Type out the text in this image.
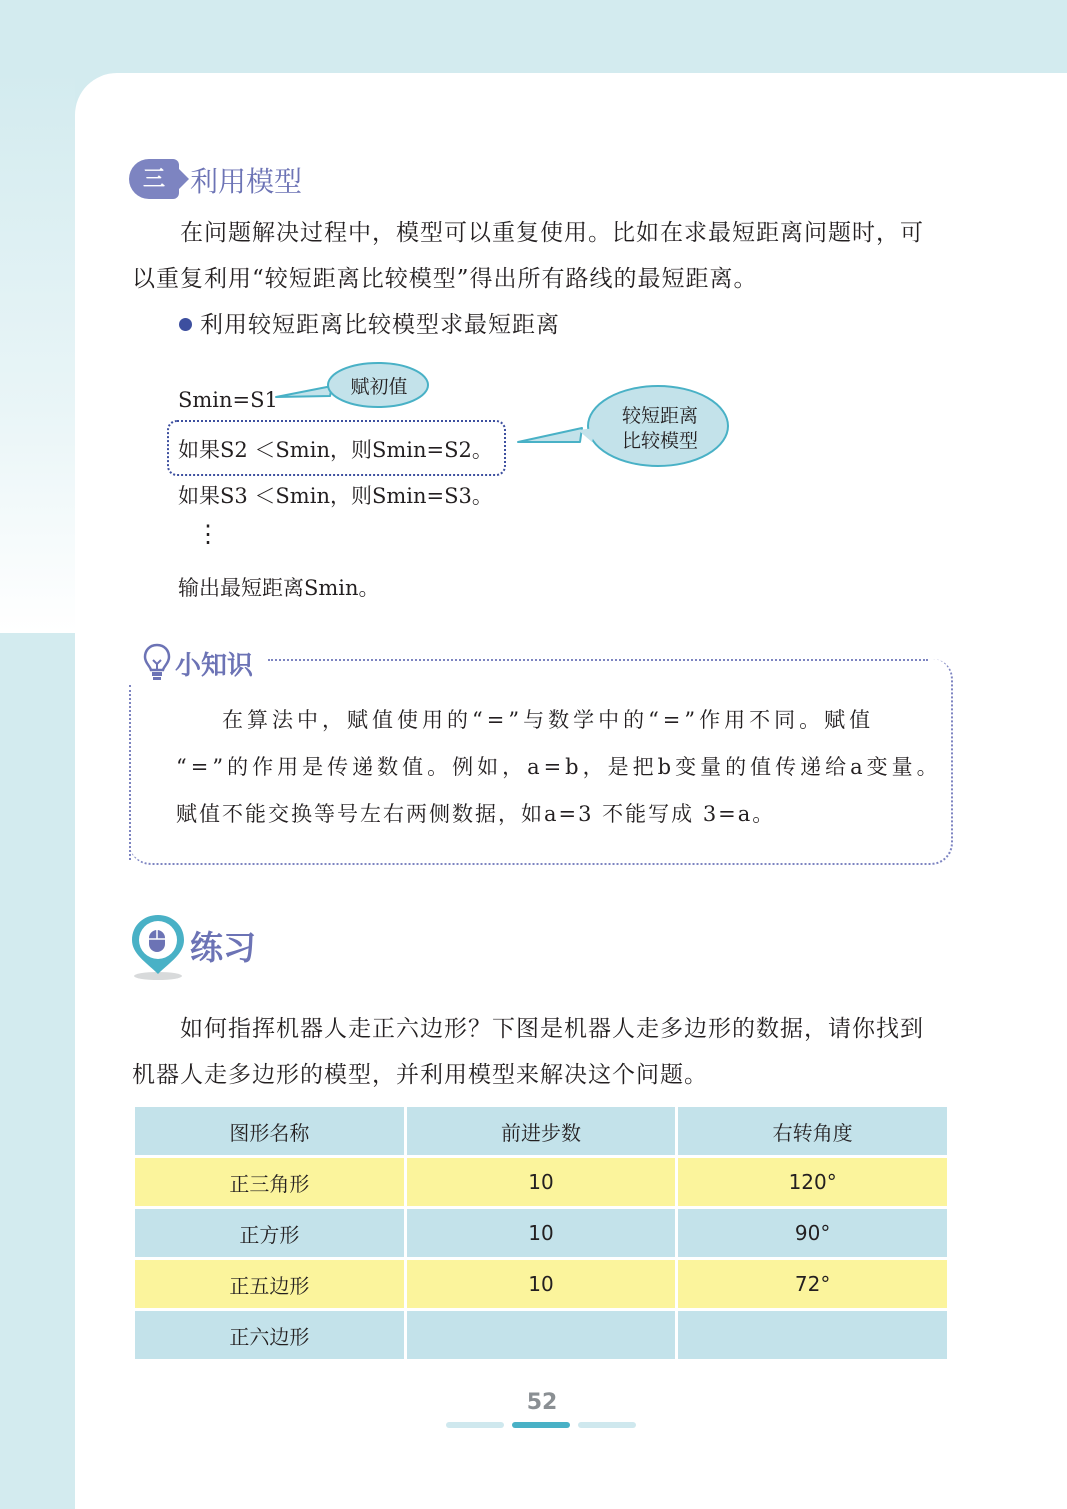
三 利用模型
在问题解决过程中，模型可以重复使用。比如在求最短距离问题时，可
以重复利用“较短距离比较模型”得出所有路线的最短距离。
利用较短距离比较模型求最短距离
Smin=S1
如果S2 ＜Smin，则Smin=S2。
如果S3 ＜Smin，则Smin=S3。
⋮
输出最短距离Smin。
赋初值
较短距离
比较模型
小知识
在算法中，赋值使用的“=”与数学中的“=”作用不同。赋值
“=”的作用是传递数值。例如，a=b，是把b变量的值传递给a变量。
赋值不能交换等号左右两侧数据，如a=3 不能写成 3=a。
练习
如何指挥机器人走正六边形？下图是机器人走多边形的数据，请你找到
机器人走多边形的模型，并利用模型来解决这个问题。
图形名称	前进步数	右转角度
正三角形	10	120°
正方形	10	90°
正五边形	10	72°
正六边形		
52
